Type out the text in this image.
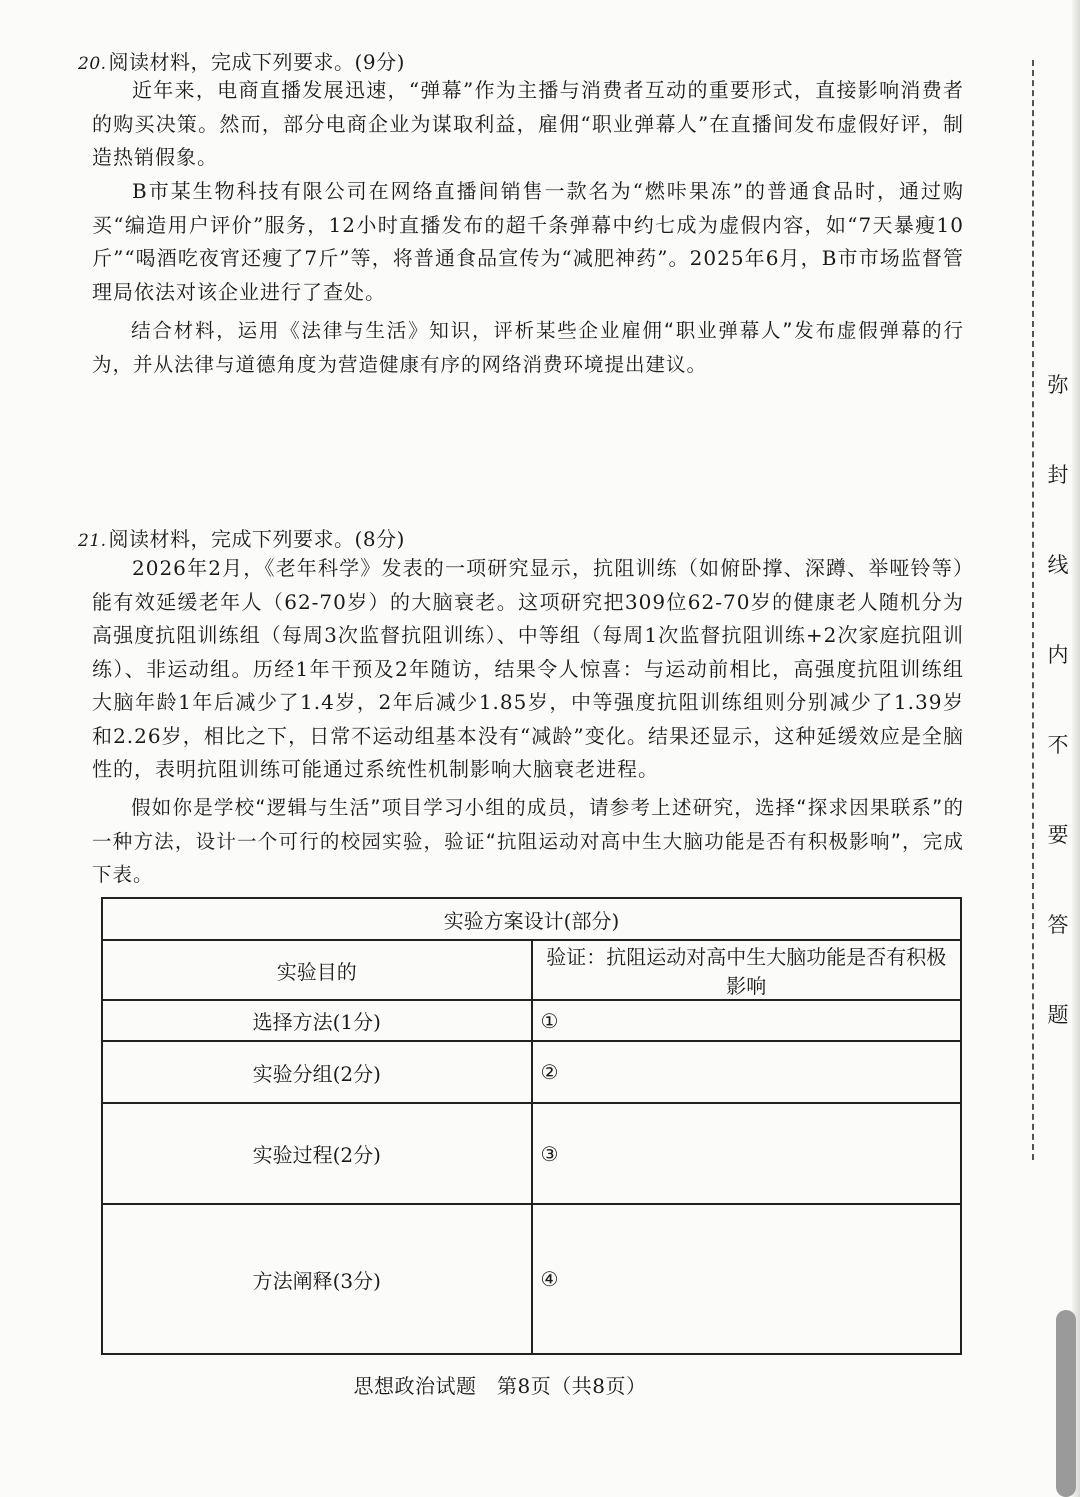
20. 阅读材料，完成下列要求。(9分)
近年来，电商直播发展迅速，“弹幕”作为主播与消费者互动的重要形式，直接影响消费者的购买决策。然而，部分电商企业为谋取利益，雇佣“职业弹幕人”在直播间发布虚假好评，制造热销假象。
B市某生物科技有限公司在网络直播间销售一款名为“燃咔果冻”的普通食品时，通过购买“编造用户评价”服务，12小时直播发布的超千条弹幕中约七成为虚假内容，如“7天暴瘦10斤”“喝酒吃夜宵还瘦了7斤”等，将普通食品宣传为“减肥神药”。2025年6月，B市市场监督管理局依法对该企业进行了查处。
结合材料，运用《法律与生活》知识，评析某些企业雇佣“职业弹幕人”发布虚假弹幕的行为，并从法律与道德角度为营造健康有序的网络消费环境提出建议。
21. 阅读材料，完成下列要求。(8分)
2026年2月，《老年科学》发表的一项研究显示，抗阻训练（如俯卧撑、深蹲、举哑铃等）能有效延缓老年人（62-70岁）的大脑衰老。这项研究把309位62-70岁的健康老人随机分为高强度抗阻训练组（每周3次监督抗阻训练）、中等组（每周1次监督抗阻训练+2次家庭抗阻训练）、非运动组。历经1年干预及2年随访，结果令人惊喜：与运动前相比，高强度抗阻训练组大脑年龄1年后减少了1.4岁，2年后减少1.85岁，中等强度抗阻训练组则分别减少了1.39岁和2.26岁，相比之下，日常不运动组基本没有“减龄”变化。结果还显示，这种延缓效应是全脑性的，表明抗阻训练可能通过系统性机制影响大脑衰老进程。
假如你是学校“逻辑与生活”项目学习小组的成员，请参考上述研究，选择“探求因果联系”的一种方法，设计一个可行的校园实验，验证“抗阻运动对高中生大脑功能是否有积极影响”，完成下表。
实验方案设计(部分)	
实验目的	验证：抗阻运动对高中生大脑功能是否有积极影响
选择方法(1分)	①
实验分组(2分)	②
实验过程(2分)	③
方法阐释(3分)	④
思想政治试题　第8页（共8页）
弥
封
线
内
不
要
答
题
